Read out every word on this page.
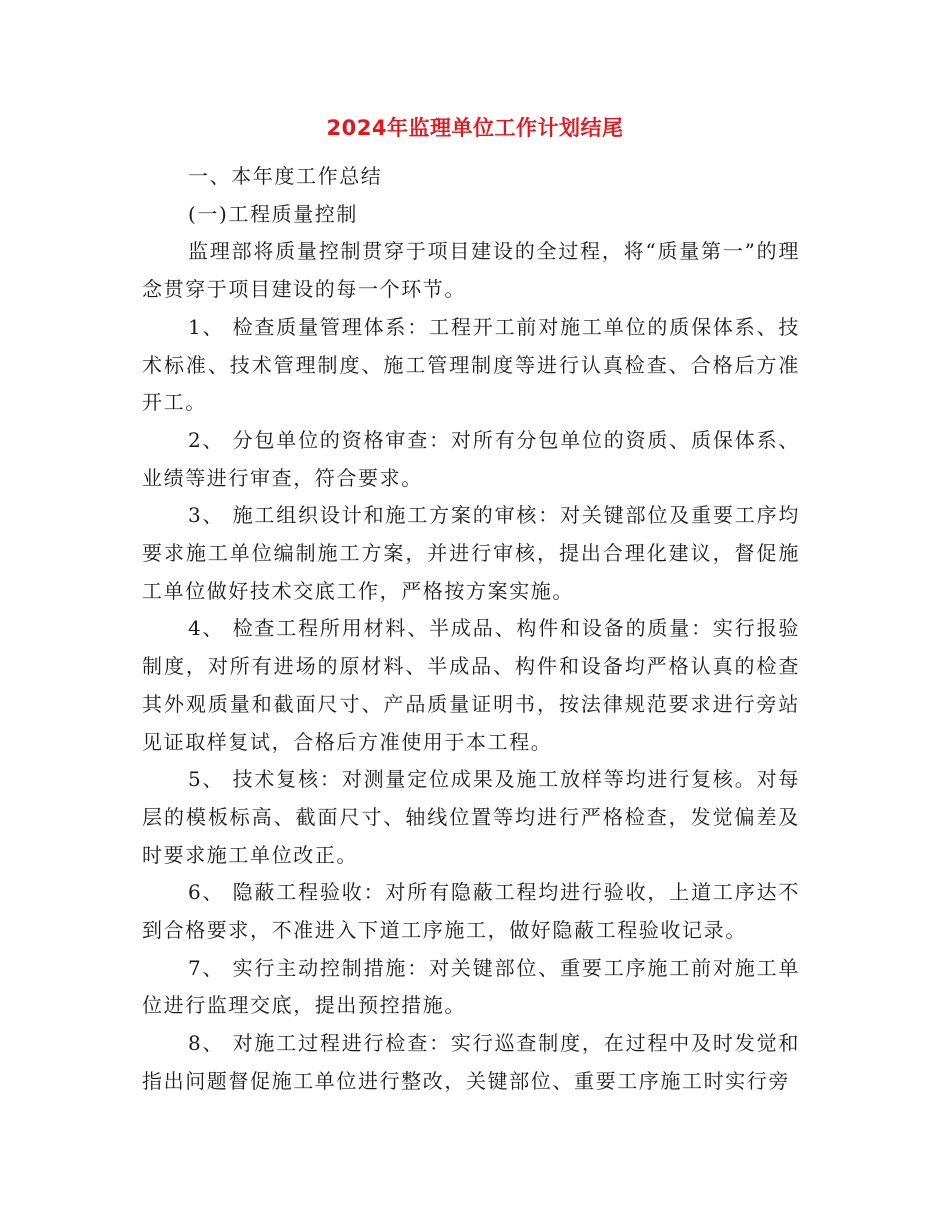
2024年监理单位工作计划结尾

一、本年度工作总结

(一)工程质量控制

监理部将质量控制贯穿于项目建设的全过程，将“质量第一”的理念贯穿于项目建设的每一个环节。

1、 检查质量管理体系：工程开工前对施工单位的质保体系、技术标准、技术管理制度、施工管理制度等进行认真检查、合格后方准开工。

2、 分包单位的资格审查：对所有分包单位的资质、质保体系、业绩等进行审查，符合要求。

3、 施工组织设计和施工方案的审核：对关键部位及重要工序均要求施工单位编制施工方案，并进行审核，提出合理化建议，督促施工单位做好技术交底工作，严格按方案实施。

4、 检查工程所用材料、半成品、构件和设备的质量：实行报验制度，对所有进场的原材料、半成品、构件和设备均严格认真的检查其外观质量和截面尺寸、产品质量证明书，按法律规范要求进行旁站见证取样复试，合格后方准使用于本工程。

5、 技术复核：对测量定位成果及施工放样等均进行复核。对每层的模板标高、截面尺寸、轴线位置等均进行严格检查，发觉偏差及时要求施工单位改正。

6、 隐蔽工程验收：对所有隐蔽工程均进行验收，上道工序达不到合格要求，不准进入下道工序施工，做好隐蔽工程验收记录。

7、 实行主动控制措施：对关键部位、重要工序施工前对施工单位进行监理交底，提出预控措施。

8、 对施工过程进行检查：实行巡查制度，在过程中及时发觉和指出问题督促施工单位进行整改，关键部位、重要工序施工时实行旁
